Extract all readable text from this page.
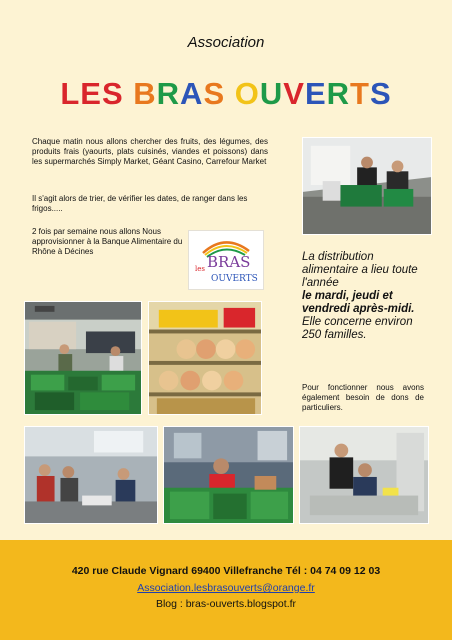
Association
LES BRAS OUVERTS
Chaque matin nous allons chercher des fruits, des légumes, des produits frais (yaourts, plats cuisinés, viandes et poissons) dans les supermarchés Simply Market, Géant Casino, Carrefour Market
Il s'agit alors de trier, de vérifier les dates, de ranger dans les frigos.....
2 fois par semaine nous allons Nous approvisionner à la Banque Alimentaire du Rhône à Décines
les BRAS
OUVERTS
La distribution alimentaire a lieu toute l'année
le mardi, jeudi et vendredi après-midi.
Elle concerne environ 250 familles.
Pour fonctionner nous avons également besoin de dons de particuliers.
420 rue Claude Vignard 69400 Villefranche Tél : 04 74 09 12 03
Association.lesbrasouverts@orange.fr
Blog : bras-ouverts.blogspot.fr
